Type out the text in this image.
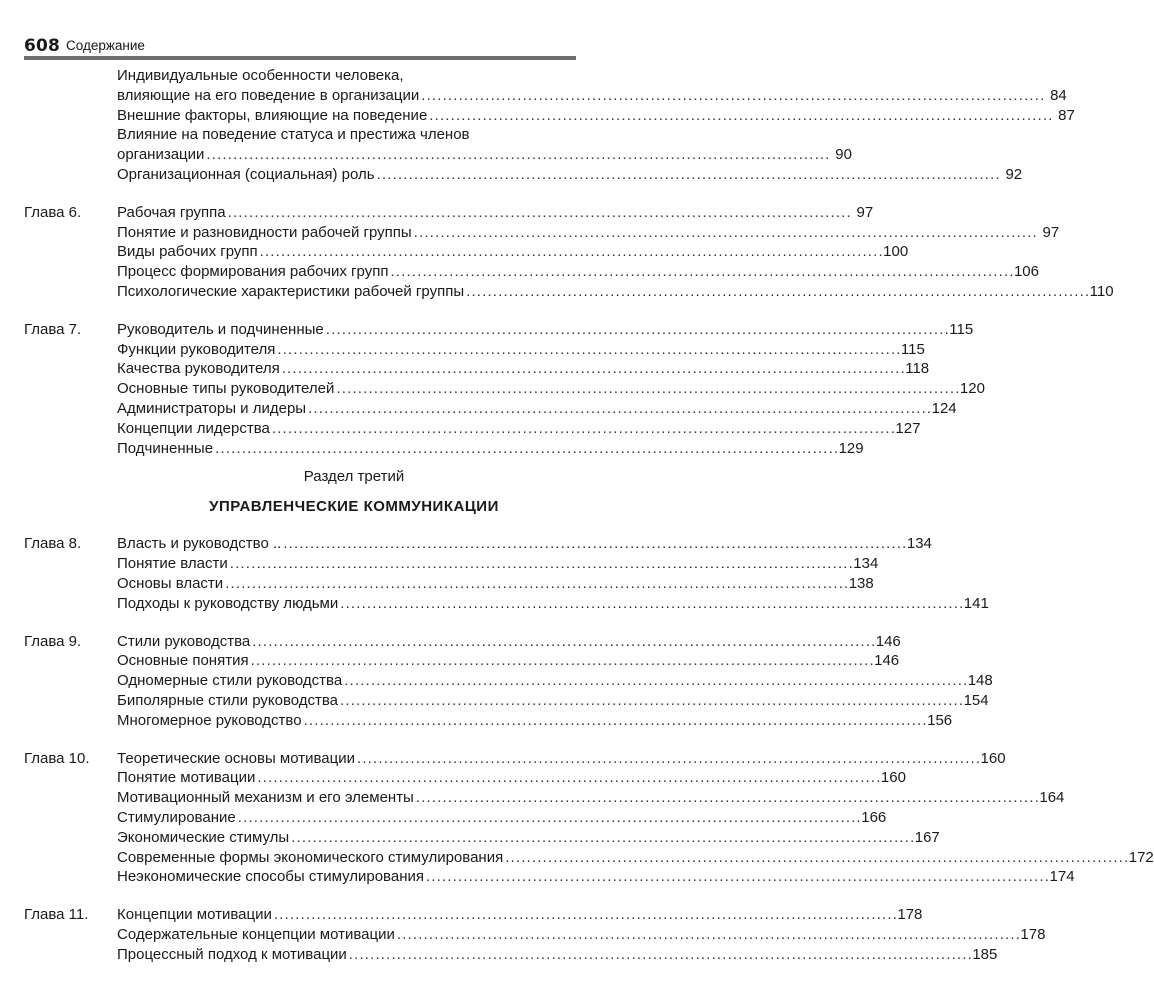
608 Содержание
Индивидуальные особенности человека,
влияющие на его поведение в организации . . .	84
Внешние факторы, влияющие на поведение . . .	87
Влияние на поведение статуса и престижа членов
организации . . .	90
Организационная (социальная) роль . . .	92
Глава 6. Рабочая группа . . .	97
Понятие и разновидности рабочей группы . . .	97
Виды рабочих групп . . .	100
Процесс формирования рабочих групп . . .	106
Психологические характеристики рабочей группы . . .	110
Глава 7. Руководитель и подчиненные . . .	115
Функции руководителя . . .	115
Качества руководителя . . .	118
Основные типы руководителей . . .	120
Администраторы и лидеры . . .	124
Концепции лидерства . . .	127
Подчиненные . . .	129
Раздел третий
УПРАВЛЕНЧЕСКИЕ КОММУНИКАЦИИ
Глава 8. Власть и руководство .. . . .	134
Понятие власти . . .	134
Основы власти . . .	138
Подходы к руководству людьми . . .	141
Глава 9. Стили руководства . . .	146
Основные понятия . . .	146
Одномерные стили руководства . . .	148
Биполярные стили руководства . . .	154
Многомерное руководство . . .	156
Глава 10. Теоретические основы мотивации . . .	160
Понятие мотивации . . .	160
Мотивационный механизм и его элементы . . .	164
Стимулирование . . .	166
Экономические стимулы . . .	167
Современные формы экономического стимулирования . . .	172
Неэкономические способы стимулирования . . .	174
Глава 11. Концепции мотивации . . .	178
Содержательные концепции мотивации . . .	178
Процессный подход к мотивации . . .	185
